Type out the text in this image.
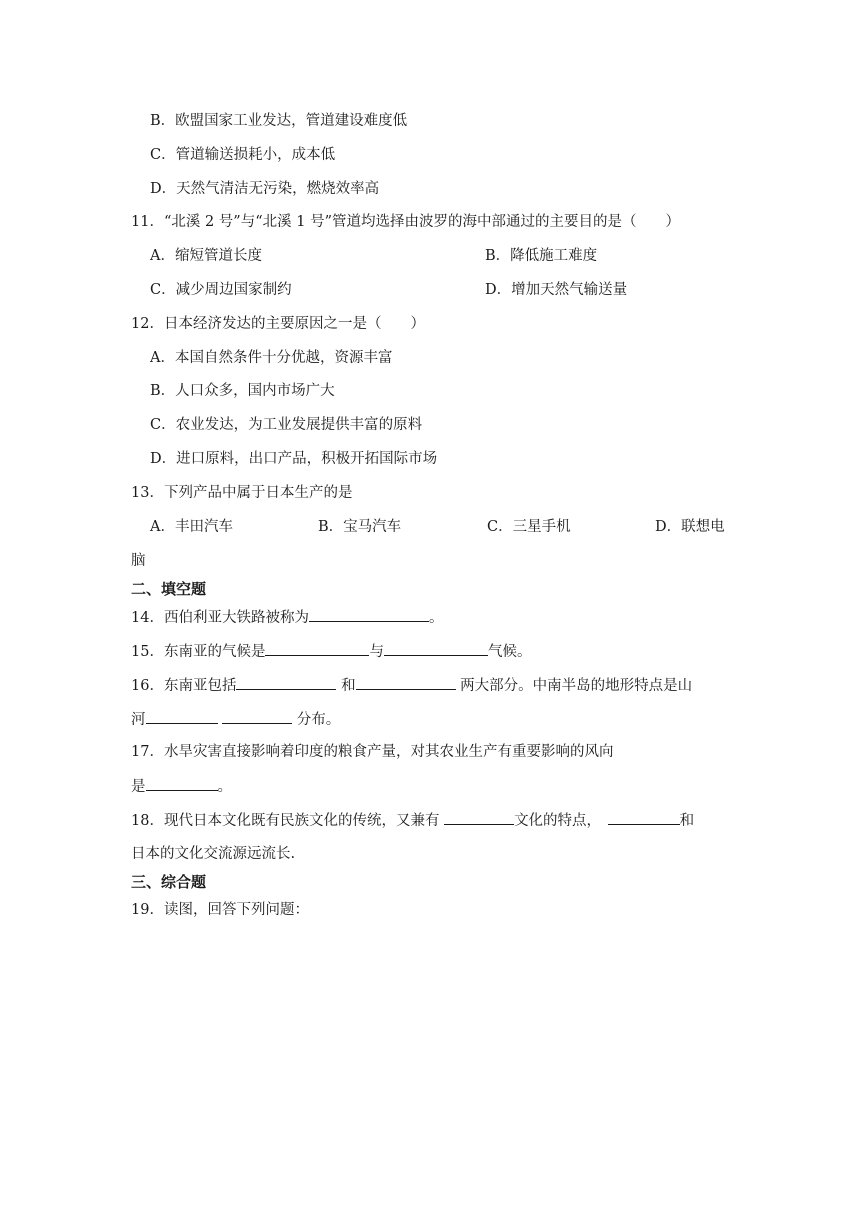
B．欧盟国家工业发达，管道建设难度低
C．管道输送损耗小，成本低
D．天然气清洁无污染，燃烧效率高
11．“北溪 2 号”与“北溪 1 号”管道均选择由波罗的海中部通过的主要目的是（　　）
A．缩短管道长度	B．降低施工难度
C．减少周边国家制约	D．增加天然气输送量
12．日本经济发达的主要原因之一是（　　）
A．本国自然条件十分优越，资源丰富
B．人口众多，国内市场广大
C．农业发达，为工业发展提供丰富的原料
D．进口原料，出口产品，积极开拓国际市场
13．下列产品中属于日本生产的是
A．丰田汽车	B．宝马汽车	C．三星手机	D．联想电
脑
二、填空题
14．西伯利亚大铁路被称为	。
15．东南亚的气候是	与	气候。
16．东南亚包括	和	两大部分。中南半岛的地形特点是山
河	分布。
17．水旱灾害直接影响着印度的粮食产量，对其农业生产有重要影响的风向
是	。
18．现代日本文化既有民族文化的传统，又兼有	文化的特点，	和
日本的文化交流源远流长.
三、综合题
19．读图，回答下列问题：
